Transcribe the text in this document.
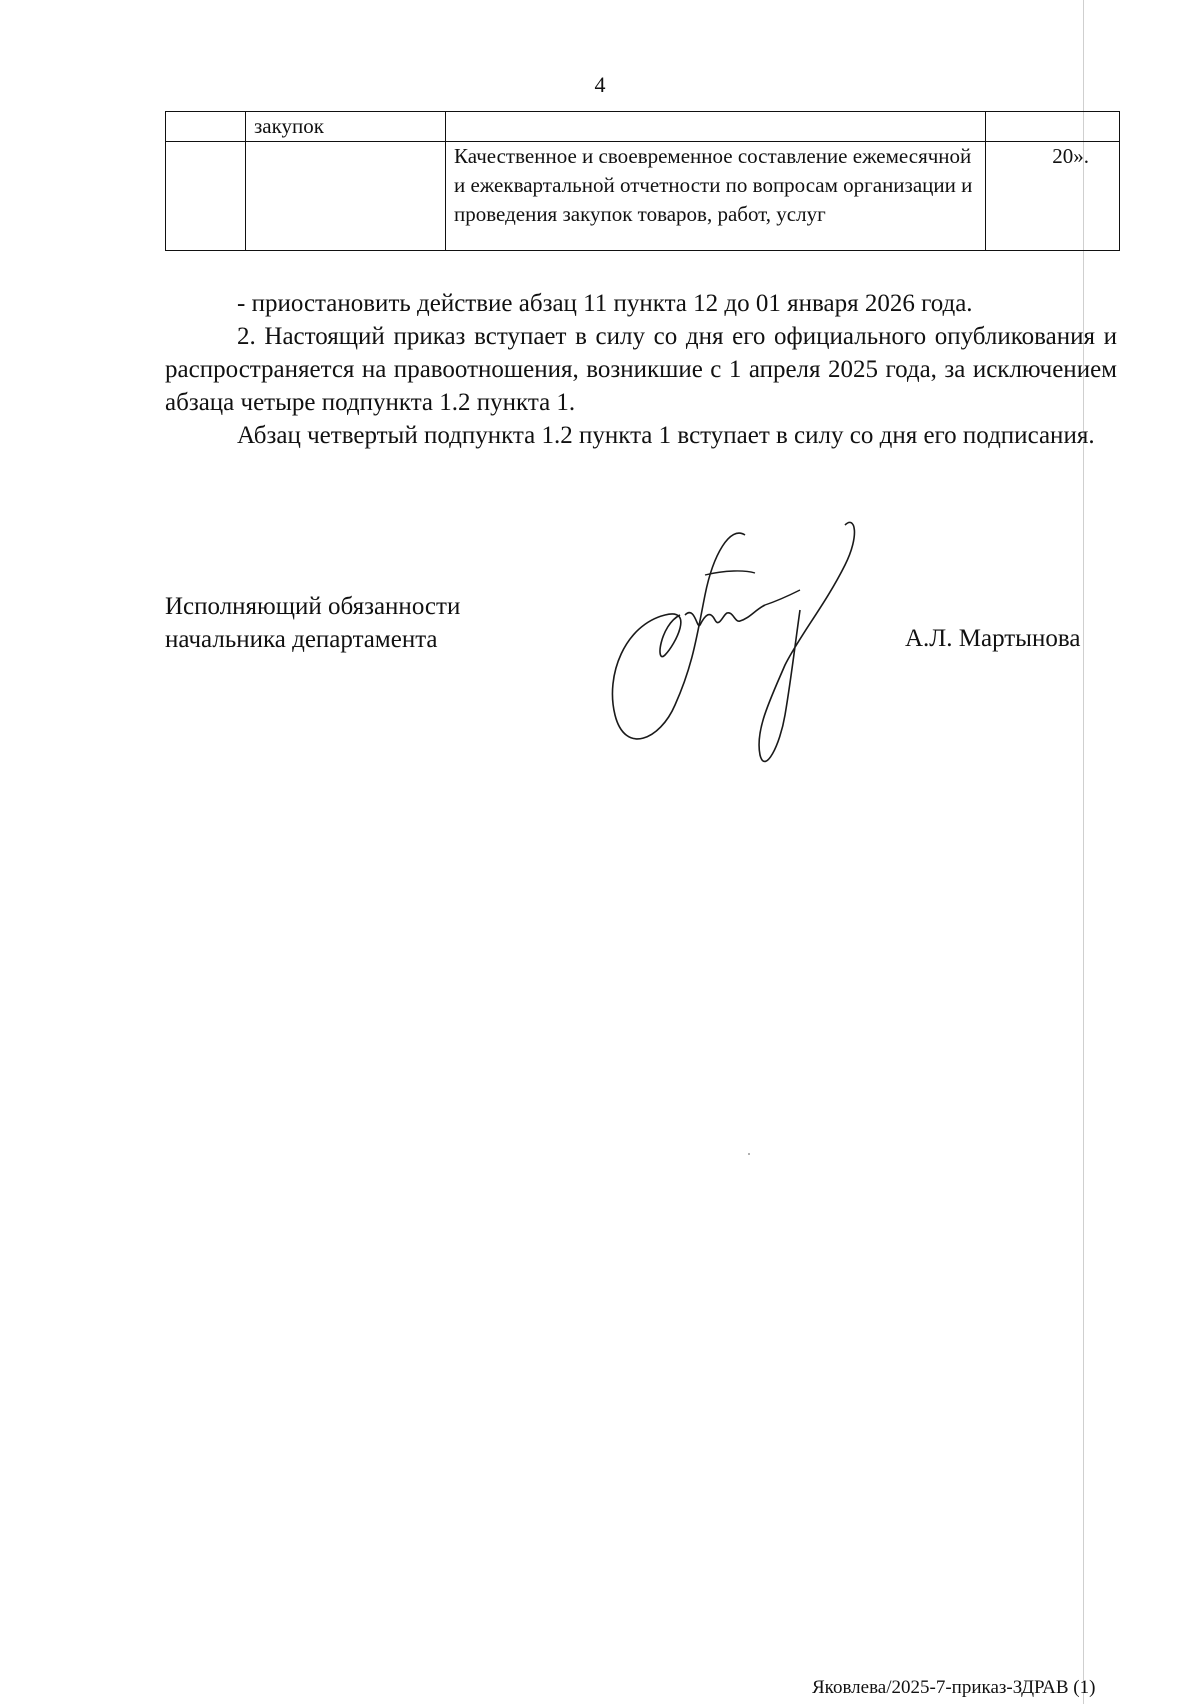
4
	закупок		
		Качественное и своевременное составление ежемесячной и ежеквартальной отчетности по вопросам организации и проведения закупок товаров, работ, услуг	20».

- приостановить действие абзац 11 пункта 12 до 01 января 2026 года.

2. Настоящий приказ вступает в силу со дня его официального опубликования и распространяется на правоотношения, возникшие с 1 апреля 2025 года, за исключением абзаца четыре подпункта 1.2 пункта 1.

Абзац четвертый подпункта 1.2 пункта 1 вступает в силу со дня его подписания.

Исполняющий обязанности
начальника департамента	А.Л. Мартынова
Яковлева/2025-7-приказ-ЗДРАВ (1)
